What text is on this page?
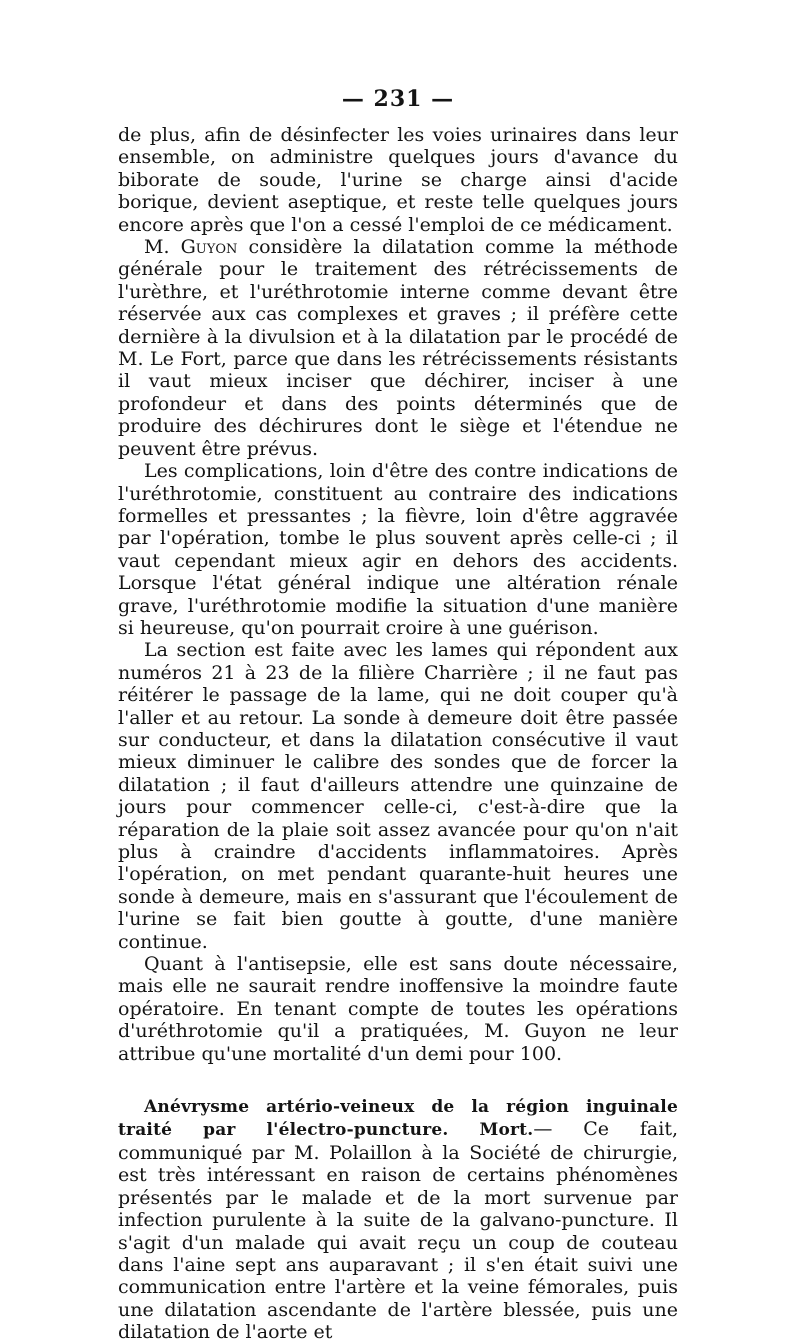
— 231 —

de plus, afin de désinfecter les voies urinaires dans leur ensemble, on administre quelques jours d'avance du biborate de soude, l'urine se charge ainsi d'acide borique, devient aseptique, et reste telle quelques jours encore après que l'on a cessé l'emploi de ce médicament.

M. Guyon considère la dilatation comme la méthode générale pour le traitement des rétrécissements de l'urèthre, et l'uréthrotomie interne comme devant être réservée aux cas complexes et graves ; il préfère cette dernière à la divulsion et à la dilatation par le procédé de M. Le Fort, parce que dans les rétrécissements résistants il vaut mieux inciser que déchirer, inciser à une profondeur et dans des points déterminés que de produire des déchirures dont le siège et l'étendue ne peuvent être prévus.

Les complications, loin d'être des contre indications de l'uréthrotomie, constituent au contraire des indications formelles et pressantes ; la fièvre, loin d'être aggravée par l'opération, tombe le plus souvent après celle-ci ; il vaut cependant mieux agir en dehors des accidents. Lorsque l'état général indique une altération rénale grave, l'uréthrotomie modifie la situation d'une manière si heureuse, qu'on pourrait croire à une guérison.

La section est faite avec les lames qui répondent aux numéros 21 à 23 de la filière Charrière ; il ne faut pas réitérer le passage de la lame, qui ne doit couper qu'à l'aller et au retour. La sonde à demeure doit être passée sur conducteur, et dans la dilatation consécutive il vaut mieux diminuer le calibre des sondes que de forcer la dilatation ; il faut d'ailleurs attendre une quinzaine de jours pour commencer celle-ci, c'est-à-dire que la réparation de la plaie soit assez avancée pour qu'on n'ait plus à craindre d'accidents inflammatoires. Après l'opération, on met pendant quarante-huit heures une sonde à demeure, mais en s'assurant que l'écoulement de l'urine se fait bien goutte à goutte, d'une manière continue.

Quant à l'antisepsie, elle est sans doute nécessaire, mais elle ne saurait rendre inoffensive la moindre faute opératoire. En tenant compte de toutes les opérations d'uréthrotomie qu'il a pratiquées, M. Guyon ne leur attribue qu'une mortalité d'un demi pour 100.

Anévrysme artério-veineux de la région inguinale traité par l'électro-puncture. Mort.— Ce fait, communiqué par M. Polaillon à la Société de chirurgie, est très intéressant en raison de certains phénomènes présentés par le malade et de la mort survenue par infection purulente à la suite de la galvano-puncture. Il s'agit d'un malade qui avait reçu un coup de couteau dans l'aine sept ans auparavant ; il s'en était suivi une communication entre l'artère et la veine fémorales, puis une dilatation ascendante de l'artère blessée, puis une dilatation de l'aorte et
